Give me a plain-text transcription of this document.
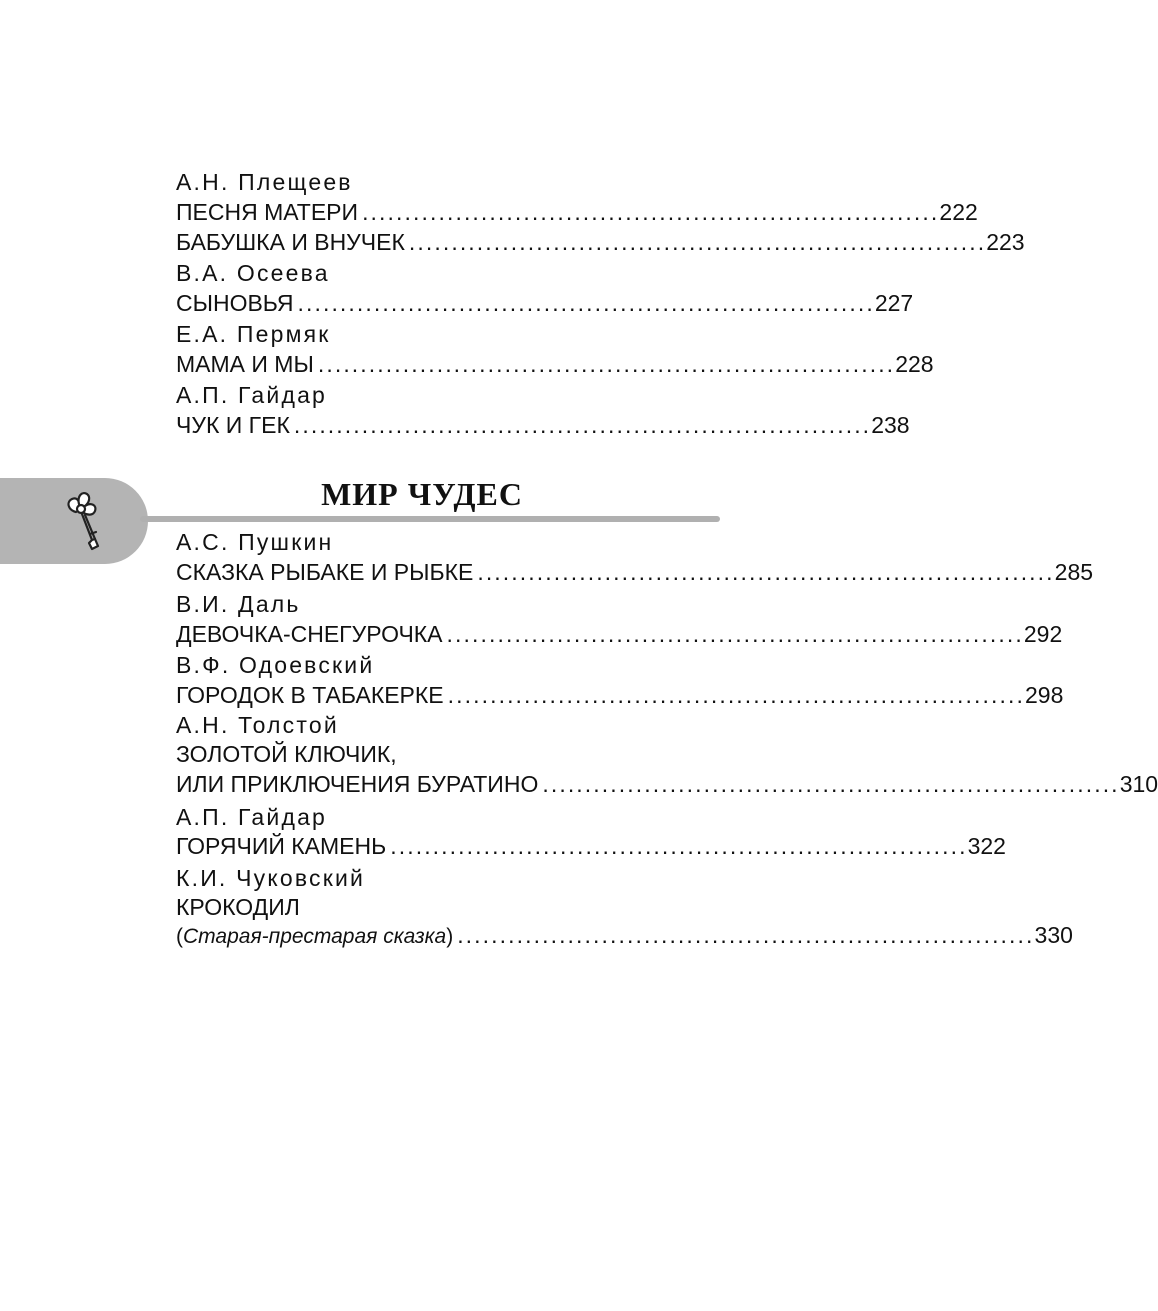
А.Н. Плещеев
ПЕСНЯ МАТЕРИ .................................................................... 222
БАБУШКА И ВНУЧЕК .................................................................... 223
В.А. Осеева
СЫНОВЬЯ .................................................................... 227
Е.А. Пермяк
МАМА И МЫ .................................................................... 228
А.П. Гайдар
ЧУК И ГЕК .................................................................... 238
МИР ЧУДЕС
А.С. Пушкин
СКАЗКА РЫБАКЕ И РЫБКЕ .................................................................... 285
В.И. Даль
ДЕВОЧКА-СНЕГУРОЧКА .................................................................... 292
В.Ф. Одоевский
ГОРОДОК В ТАБАКЕРКЕ .................................................................... 298
А.Н. Толстой
ЗОЛОТОЙ КЛЮЧИК,
ИЛИ ПРИКЛЮЧЕНИЯ БУРАТИНО .................................................................... 310
А.П. Гайдар
ГОРЯЧИЙ КАМЕНЬ .................................................................... 322
К.И. Чуковский
КРОКОДИЛ
(Старая-престарая сказка) .................................................................... 330
